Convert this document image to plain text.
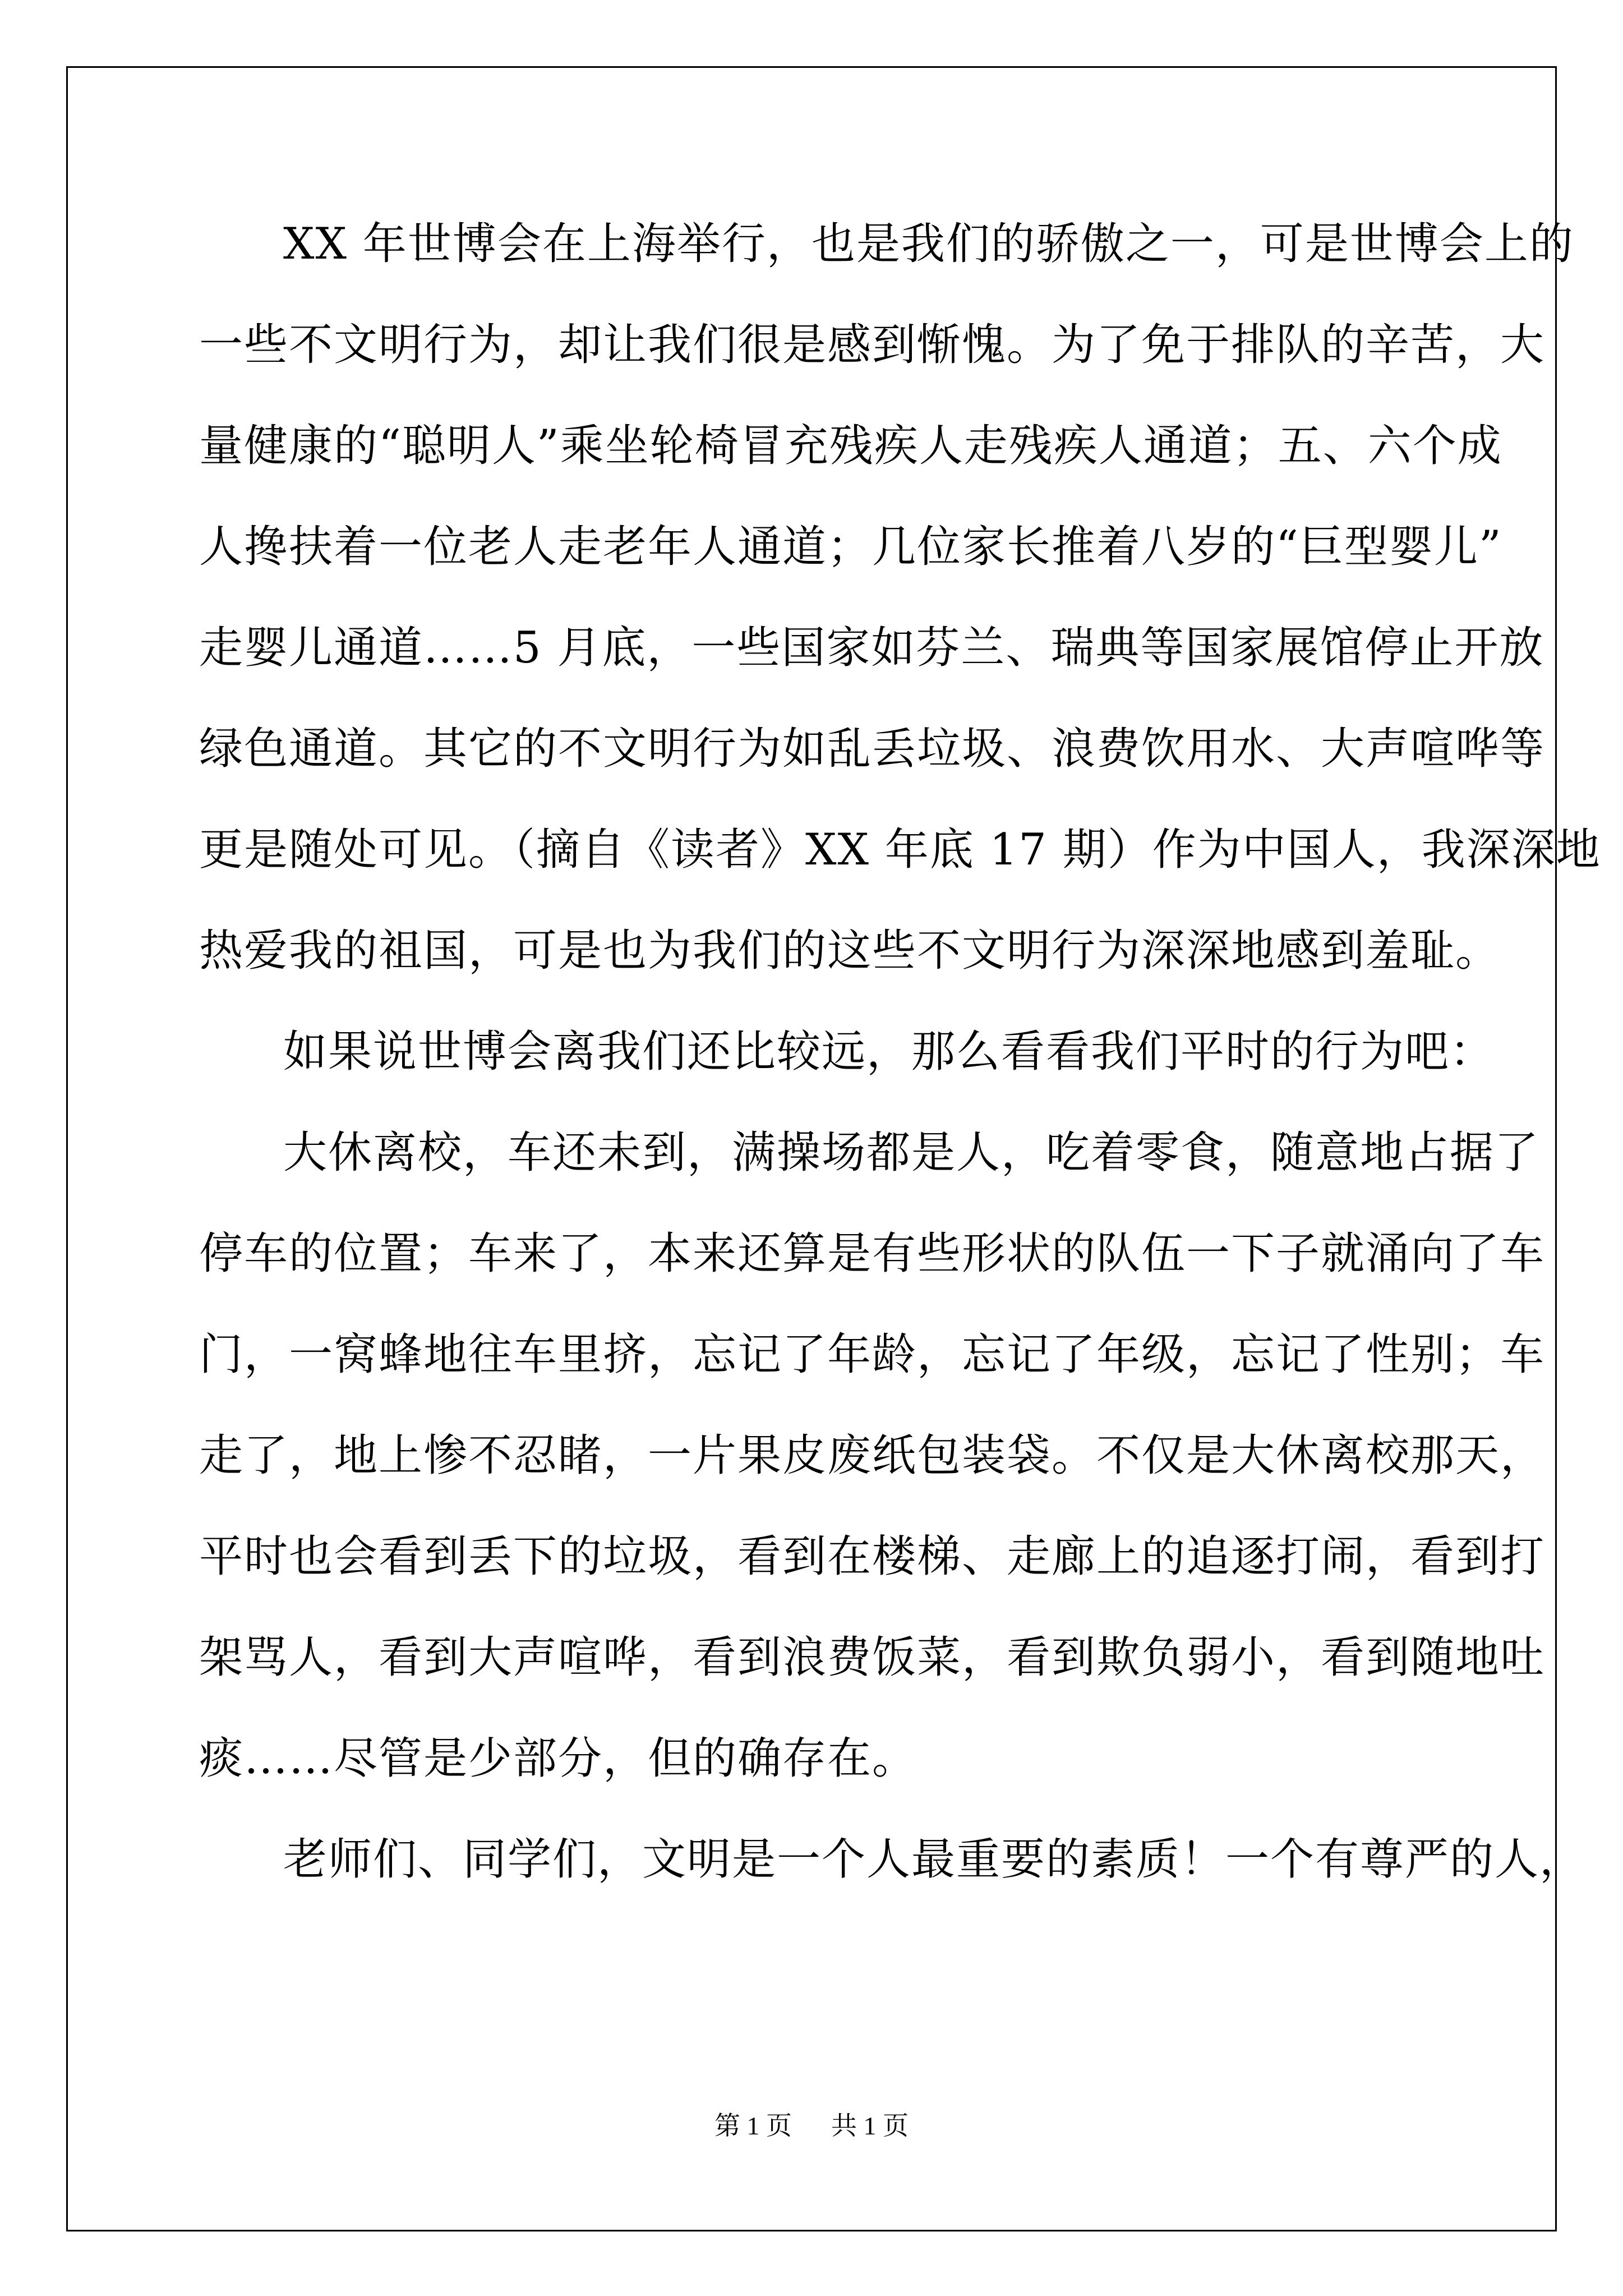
XX 年世博会在上海举行，也是我们的骄傲之一，可是世博会上的
一些不文明行为，却让我们很是感到惭愧。为了免于排队的辛苦，大
量健康的“聪明人”乘坐轮椅冒充残疾人走残疾人通道；五、六个成
人搀扶着一位老人走老年人通道；几位家长推着八岁的“巨型婴儿”
走婴儿通道……5 月底，一些国家如芬兰、瑞典等国家展馆停止开放
绿色通道。其它的不文明行为如乱丢垃圾、浪费饮用水、大声喧哗等
更是随处可见。（摘自《读者》XX 年底 17 期）作为中国人，我深深地
热爱我的祖国，可是也为我们的这些不文明行为深深地感到羞耻。
如果说世博会离我们还比较远，那么看看我们平时的行为吧：
大休离校，车还未到，满操场都是人，吃着零食，随意地占据了
停车的位置；车来了，本来还算是有些形状的队伍一下子就涌向了车
门，一窝蜂地往车里挤，忘记了年龄，忘记了年级，忘记了性别；车
走了，地上惨不忍睹，一片果皮废纸包装袋。不仅是大休离校那天，
平时也会看到丢下的垃圾，看到在楼梯、走廊上的追逐打闹，看到打
架骂人，看到大声喧哗，看到浪费饭菜，看到欺负弱小，看到随地吐
痰……尽管是少部分，但的确存在。
老师们、同学们，文明是一个人最重要的素质！一个有尊严的人，
第 1 页 共 1 页
